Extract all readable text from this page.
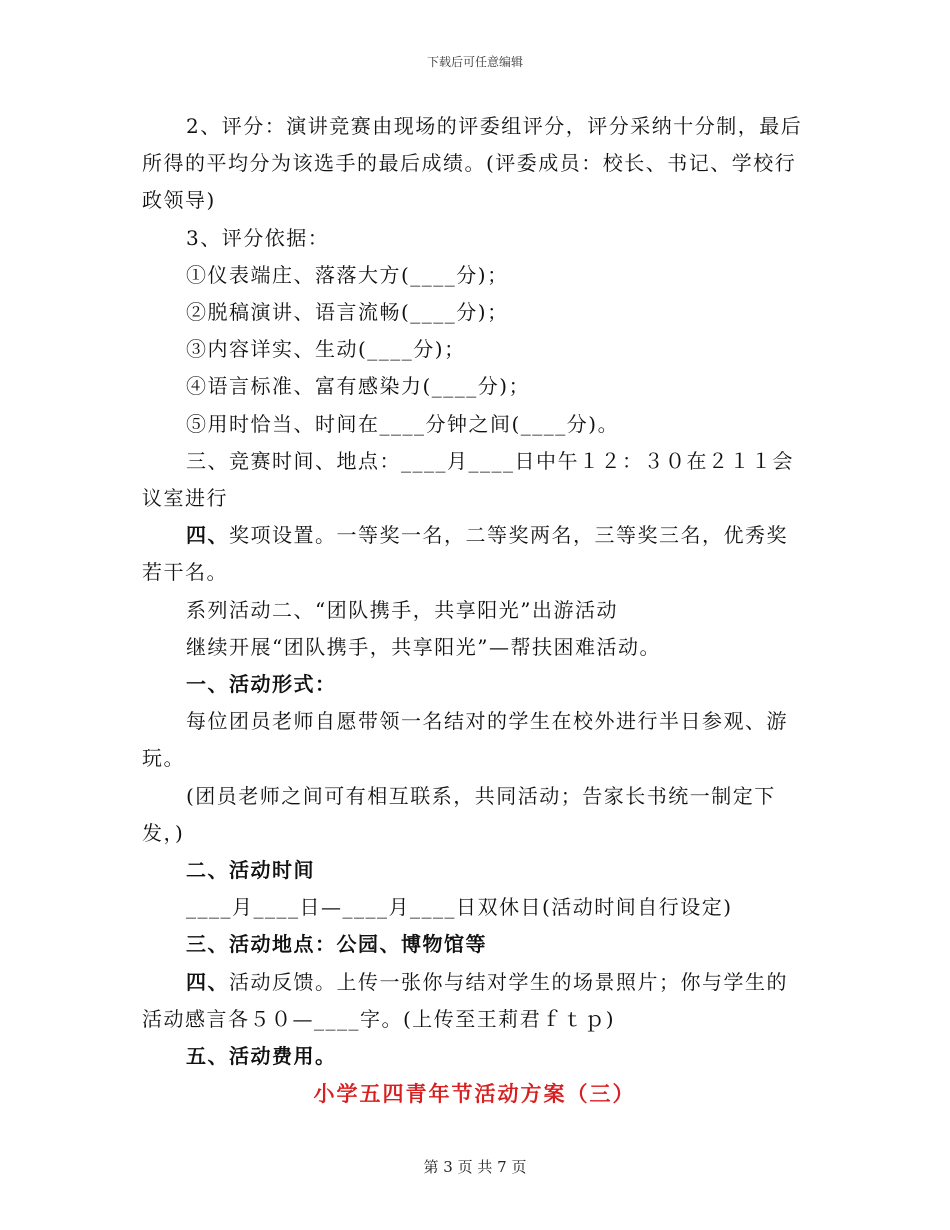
下载后可任意编辑

2、评分：演讲竞赛由现场的评委组评分，评分采纳十分制，最后所得的平均分为该选手的最后成绩。(评委成员：校长、书记、学校行政领导)

3、评分依据：

①仪表端庄、落落大方(____分)；

②脱稿演讲、语言流畅(____分)；

③内容详实、生动(____分)；

④语言标准、富有感染力(____分)；

⑤用时恰当、时间在____分钟之间(____分)。

三、竞赛时间、地点：____月____日中午１２：３０在２１１会议室进行

四、奖项设置。一等奖一名，二等奖两名，三等奖三名，优秀奖若干名。

系列活动二、“团队携手，共享阳光”出游活动

继续开展“团队携手，共享阳光”—帮扶困难活动。

一、活动形式：

每位团员老师自愿带领一名结对的学生在校外进行半日参观、游玩。

(团员老师之间可有相互联系，共同活动；告家长书统一制定下发，)

二、活动时间

____月____日—____月____日双休日(活动时间自行设定)

三、活动地点：公园、博物馆等

四、活动反馈。上传一张你与结对学生的场景照片；你与学生的活动感言各５０—____字。(上传至王莉君ｆｔｐ)

五、活动费用。

小学五四青年节活动方案（三）

第 3 页 共 7 页
